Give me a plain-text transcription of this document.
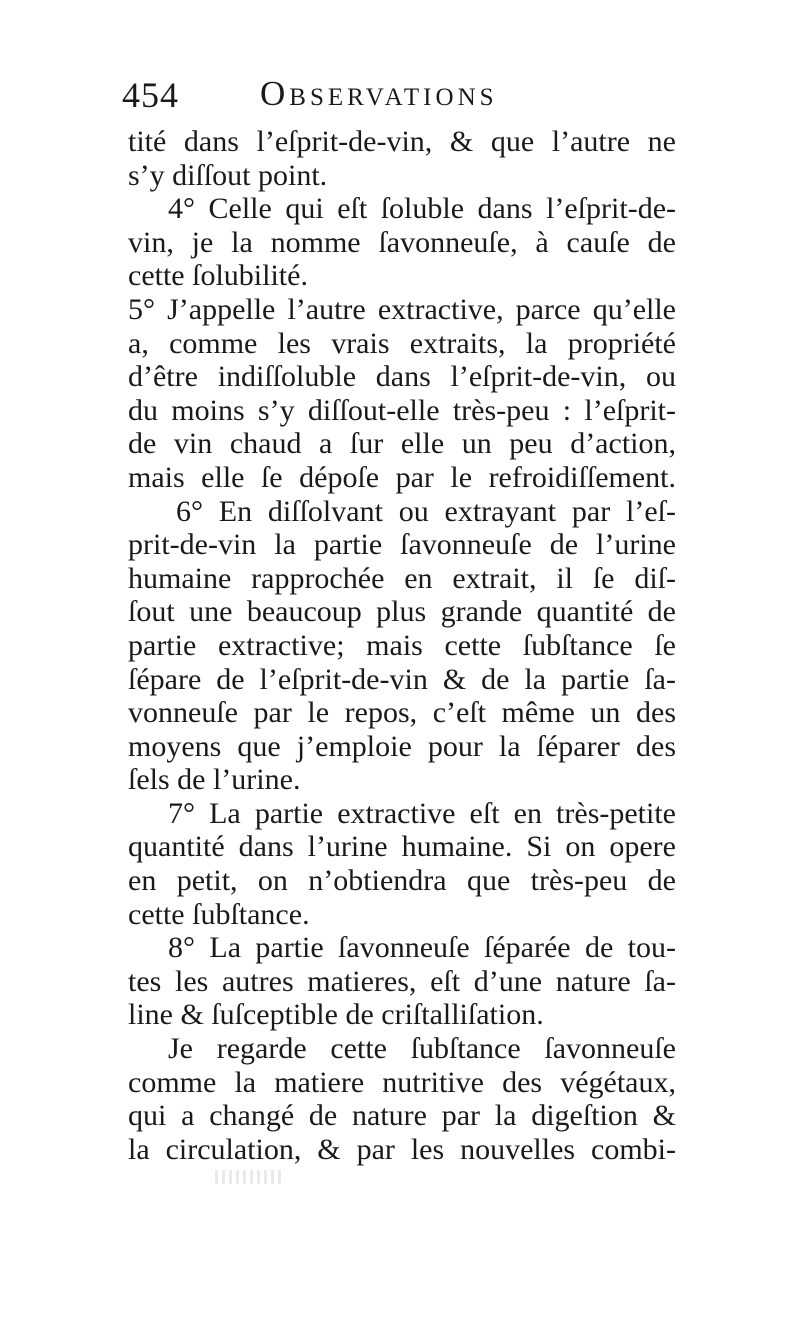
454 Observations
tité dans l’eſprit-de-vin, & que l’autre ne
s’y diſſout point.
4° Celle qui eſt ſoluble dans l’eſprit-de-
vin, je la nomme ſavonneuſe, à cauſe de
cette ſolubilité.
5° J’appelle l’autre extractive, parce qu’elle
a, comme les vrais extraits, la propriété
d’être indiſſoluble dans l’eſprit-de-vin, ou
du moins s’y diſſout-elle très-peu : l’eſprit-
de vin chaud a ſur elle un peu d’action,
mais elle ſe dépoſe par le refroidiſſement.
6° En diſſolvant ou extrayant par l’eſ-
prit-de-vin la partie ſavonneuſe de l’urine
humaine rapprochée en extrait, il ſe diſ-
ſout une beaucoup plus grande quantité de
partie extractive; mais cette ſubſtance ſe
ſépare de l’eſprit-de-vin & de la partie ſa-
vonneuſe par le repos, c’eſt même un des
moyens que j’emploie pour la ſéparer des
ſels de l’urine.
7° La partie extractive eſt en très-petite
quantité dans l’urine humaine. Si on opere
en petit, on n’obtiendra que très-peu de
cette ſubſtance.
8° La partie ſavonneuſe ſéparée de tou-
tes les autres matieres, eſt d’une nature ſa-
line & ſuſceptible de criſtalliſation.
Je regarde cette ſubſtance ſavonneuſe
comme la matiere nutritive des végétaux,
qui a changé de nature par la digeſtion &
la circulation, & par les nouvelles combi-
